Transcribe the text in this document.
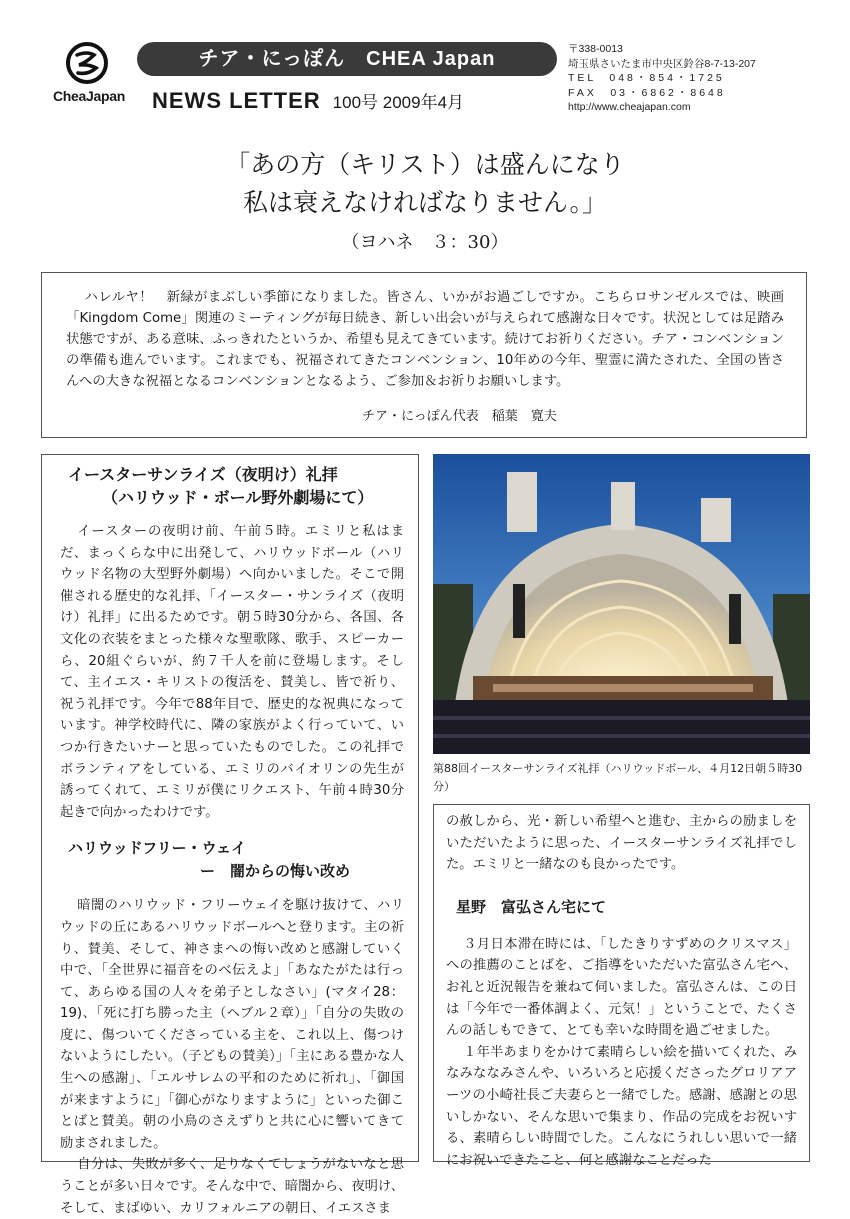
CheaJapan
チア・にっぽん　CHEA Japan
NEWS LETTER 100号 2009年4月
〒338-0013
埼玉県さいたま市中央区鈴谷8-7-13-207
TEL　048・854・1725
FAX　03・6862・8648
http://www.cheajapan.com
「あの方（キリスト）は盛んになり
私は衰えなければなりません。」
（ヨハネ　３：30）

ハレルヤ！　新緑がまぶしい季節になりました。皆さん、いかがお過ごしですか。こちらロサンゼルスでは、映画「Kingdom Come」関連のミーティングが毎日続き、新しい出会いが与えられて感謝な日々です。状況としては足踏み状態ですが、ある意味、ふっきれたというか、希望も見えてきています。続けてお祈りください。チア・コンベンションの準備も進んでいます。これまでも、祝福されてきたコンベンション、10年めの今年、聖霊に満たされた、全国の皆さんへの大きな祝福となるコンベンションとなるよう、ご参加＆お祈りお願いします。

チア・にっぽん代表　稲葉　寛夫

イースターサンライズ（夜明け）礼拝
（ハリウッド・ボール野外劇場にて）

イースターの夜明け前、午前５時。エミリと私はまだ、まっくらな中に出発して、ハリウッドボール（ハリウッド名物の大型野外劇場）へ向かいました。そこで開催される歴史的な礼拝、「イースター・サンライズ（夜明け）礼拝」に出るためです。朝５時30分から、各国、各文化の衣装をまとった様々な聖歌隊、歌手、スピーカーら、20組ぐらいが、約７千人を前に登場します。そして、主イエス・キリストの復活を、賛美し、皆で祈り、祝う礼拝です。今年で88年目で、歴史的な祝典になっています。神学校時代に、隣の家族がよく行っていて、いつか行きたいナーと思っていたものでした。この礼拝でボランティアをしている、エミリのバイオリンの先生が誘ってくれて、エミリが僕にリクエスト、午前４時30分起きで向かったわけです。

ハリウッドフリー・ウェイ
ー　闇からの悔い改め

暗闇のハリウッド・フリーウェイを駆け抜けて、ハリウッドの丘にあるハリウッドボールへと登ります。主の祈り、賛美、そして、神さまへの悔い改めと感謝していく中で、「全世界に福音をのべ伝えよ」「あなたがたは行って、あらゆる国の人々を弟子としなさい」(マタイ28：19)、「死に打ち勝った主（ヘブル２章）」「自分の失敗の度に、傷ついてくださっている主を、これ以上、傷つけないようにしたい。（子どもの賛美）」「主にある豊かな人生への感謝」、「エルサレムの平和のために祈れ」、「御国が来ますように」「御心がなりますように」といった御ことばと賛美。朝の小鳥のさえずりと共に心に響いてきて励まされました。

自分は、失敗が多く、足りなくてしょうがないなと思うことが多い日々です。そんな中で、暗闇から、夜明け、そして、まばゆい、カリフォルニアの朝日、イエスさま

第88回イースターサンライズ礼拝（ハリウッドボール、４月12日朝５時30分）

の赦しから、光・新しい希望へと進む、主からの励ましをいただいたように思った、イースターサンライズ礼拝でした。エミリと一緒なのも良かったです。

星野　富弘さん宅にて

３月日本滞在時には、「したきりすずめのクリスマス」への推薦のことばを、ご指導をいただいた富弘さん宅へ、お礼と近況報告を兼ねて伺いました。富弘さんは、この日は「今年で一番体調よく、元気！」ということで、たくさんの話しもできて、とても幸いな時間を過ごせました。

１年半あまりをかけて素晴らしい絵を描いてくれた、みなみななみさんや、いろいろと応援くださったグロリアアーツの小崎社長ご夫妻らと一緒でした。感謝、感謝との思いしかない、そんな思いで集まり、作品の完成をお祝いする、素晴らしい時間でした。こんなにうれしい思いで一緒にお祝いできたこと、何と感謝なことだった
